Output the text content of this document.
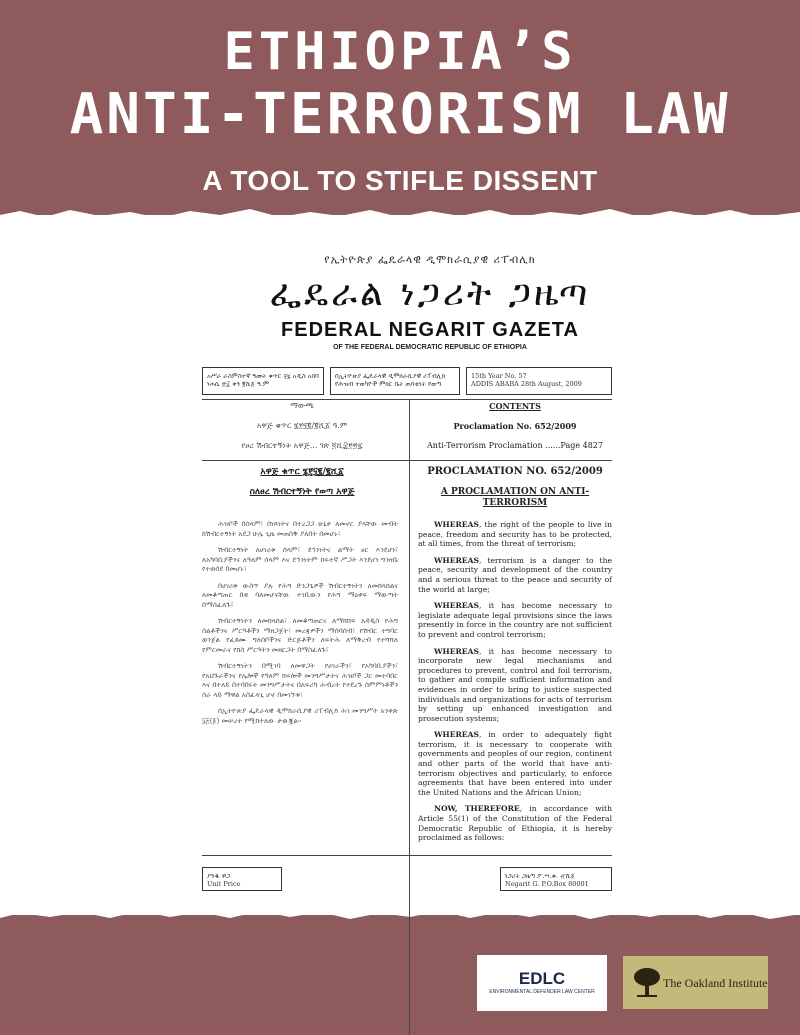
ETHIOPIA’S
ANTI-TERRORISM LAW
A TOOL TO STIFLE DISSENT
የኢትዮጵያ ፌዴራላዊ ዲሞክራሲያዊ ሪፐብሊክ
ፌዴራል ነጋሪት ጋዜጣ
FEDERAL NEGARIT GAZETA
OF THE FEDERAL DEMOCRATIC REPUBLIC OF ETHIOPIA
አሥራ ራስምስተኛ ዓመት ቁጥር ፶፯ አዲስ አበባ ነሐሴ ፳፰ ቀን ፪ሺ፩ ዓ.ም
በኢትዮጵያ ፌዴራላዊ ዲሞክራሲያዊ ሪፐብሊክ የሕዝብ ተወካዮች ምክር ቤት ጠባቂነት የወጣ
15th Year No. 57
ADDIS ABABA 28th August, 2009
ማውጫ	CONTENTS
አዋጅ ቁጥር ፮፻፶፪/፪ሺ፩ ዓ.ም	Proclamation No. 652/2009
የፀረ ሽብርተኝነት አዋጅ... ገጽ ፬ሺ፰፻፳፯	Anti-Terrorism Proclamation ......Page 4827
አዋጅ ቁጥር ፮፻፶፪/፪ሺ፩	PROCLAMATION NO. 652/2009
ስለፀረ ሽብርተኝነት የወጣ አዋጅ	A PROCLAMATION ON ANTI-TERRORISM

ሕዝቦች በሰላም፣ በነጻነትና በተረጋጋ ሁኔታ ለመኖር ያላቸው መብት ከሽብርተኝነት አደጋ ሁሌ ጊዜ መጠበቅ ያለበት በመሆኑ፣

ሽብርተኝነት ለሀገሪቱ ሰላም፣ ደኅንነትና ልማት ፀር እንደሆነ፣ ለአካባቢያችንና ለዓለም ሰላም እና ደኅንነትም ከፍተኛ ሥጋት እንደሆነ ግንዛቤ የተወሰደ በመሆኑ፣

በሀገሪቱ ውስጥ ያሉ የሕግ ድንጋጌዎች ሽብርተኝነትን ለመከላከልና ለመቆጣጠር በቂ ባለመሆናቸው ተገቢውን የሕግ ማዕቀፍ ማውጣት በማስፈለጉ፣

ሽብርተኝነትን ለመከላከል፣ ለመቆጣጠርና ለማክሸፍ አዳዲስ የሕግ ስልቶችንና ሥርዓቶችን ማዘጋጀት፣ መረጃዎችን ማሰባሰብ፣ የሽብር ተግባር ወንጀል የፈጸሙ ግለሰቦችንና ድርጅቶችን ለፍትሕ ለማቅረብ የተሻሻለ የምርመራና የክስ ሥርዓትን መዘርጋት በማስፈለጉ፣

ሽብርተኝነትን በሚገባ ለመዋጋት የሀገራችን፣ የአካባቢያችን፣ የአህጉራችንና የሌሎች የዓለም ክፍሎች መንግሥታትና ሕዝቦች ጋር መተባበር እና በተለይ በተባበሩት መንግሥታትና በአፍሪካ ሕብረት የተደረጉ ስምምነቶችን ስራ ላይ ማዋል አስፈላጊ ሆኖ በመገኘቱ፣

በኢትዮጵያ ፌዴራላዊ ዲሞክራሲያዊ ሪፐብሊክ ሕገ መንግሥት አንቀጽ ፶፭(፩) መሠረት የሚከተለው ታውጇል፡፡

WHEREAS, the right of the people to live in peace, freedom and security has to be protected, at all times, from the threat of terrorism;

WHEREAS, terrorism is a danger to the peace, security and development of the country and a serious threat to the peace and security of the world at large;

WHEREAS, it has become necessary to legislate adequate legal provisions since the laws presently in force in the country are not sufficient to prevent and control terrorism;

WHEREAS, it has become necessary to incorporate new legal mechanisms and procedures to prevent, control and foil terrorism, to gather and compile sufficient information and evidences in order to bring to justice suspected individuals and organizations for acts of terrorism by setting up enhanced investigation and prosecution systems;

WHEREAS, in order to adequately fight terrorism, it is necessary to cooperate with governments and peoples of our region, continent and other parts of the world that have anti-terrorism objectives and particularly, to enforce agreements that have been entered into under the United Nations and the African Union;

NOW, THEREFORE, in accordance with Article 55(1) of the Constitution of the Federal Democratic Republic of Ethiopia, it is hereby proclaimed as follows:

ያንዱ ዋጋ
Unit Price
ነጋሪት ጋዜጣ ፖ.ሣ.ቁ. ፹ሺ፩
Negarit G. P.O.Box 80001
EDLC
ENVIRONMENTAL DEFENDER LAW CENTER
The Oakland Institute
